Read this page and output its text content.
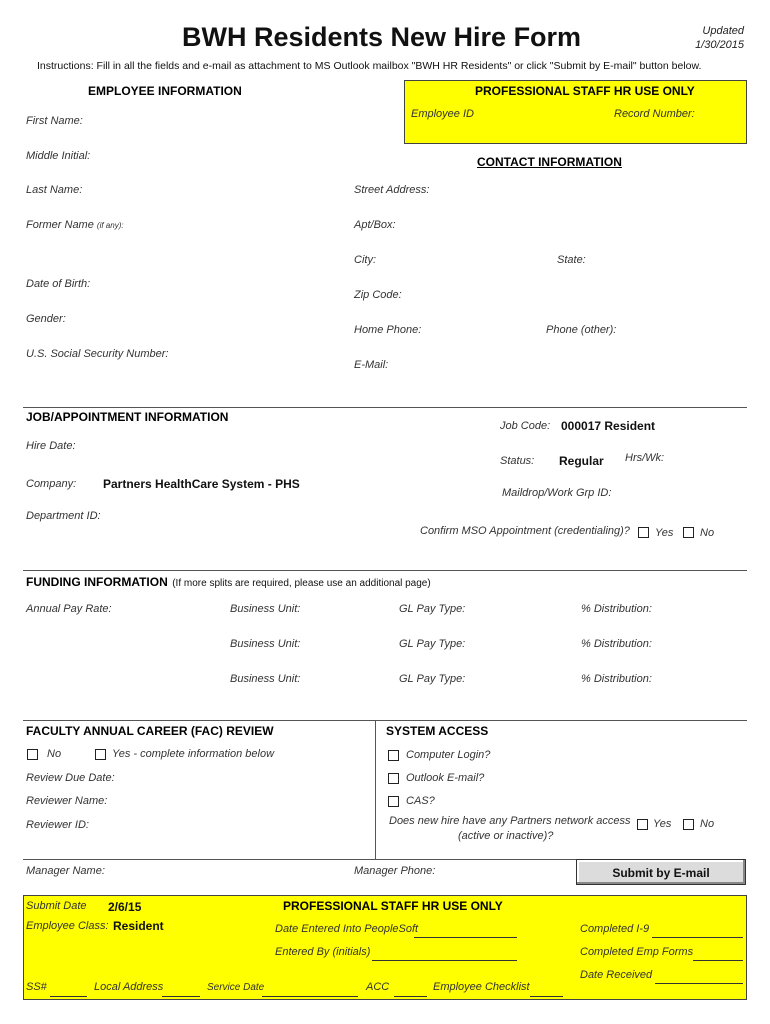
BWH Residents New Hire Form	Updated
1/30/2015
Instructions: Fill in all the fields and e-mail as attachment to MS Outlook mailbox "BWH HR Residents" or click "Submit by E-mail" button below.
EMPLOYEE INFORMATION
First Name:
Middle Initial:
Last Name:
Former Name (if any):
Date of Birth:
Gender:
U.S. Social Security Number:
PROFESSIONAL STAFF HR USE ONLY
Employee ID	Record Number:
CONTACT INFORMATION
Street Address:
Apt/Box:
City:	State:
Zip Code:
Home Phone:	Phone (other):
E-Mail:
JOB/APPOINTMENT INFORMATION
Hire Date:
Company: Partners HealthCare System - PHS
Department ID:
Job Code: 000017 Resident
Status: Regular Hrs/Wk:
Maildrop/Work Grp ID:
Confirm MSO Appointment (credentialing)? Yes No
FUNDING INFORMATION (If more splits are required, please use an additional page)
Annual Pay Rate:	Business Unit:	GL Pay Type:	% Distribution:
Business Unit:	GL Pay Type:	% Distribution:
Business Unit:	GL Pay Type:	% Distribution:
FACULTY ANNUAL CAREER (FAC) REVIEW
No	Yes - complete information below
Review Due Date:
Reviewer Name:
Reviewer ID:
SYSTEM ACCESS
Computer Login?
Outlook E-mail?
CAS?
Does new hire have any Partners network access
(active or inactive)?
Yes	No
Manager Name:	Manager Phone:	Submit by E-mail
PROFESSIONAL STAFF HR USE ONLY
Submit Date 2/6/15
Employee Class: Resident	Date Entered Into PeopleSoft
Entered By (initials)
Completed I-9
Completed Emp Forms
Date Received
SS#	Local Address	Service Date	ACC	Employee Checklist
